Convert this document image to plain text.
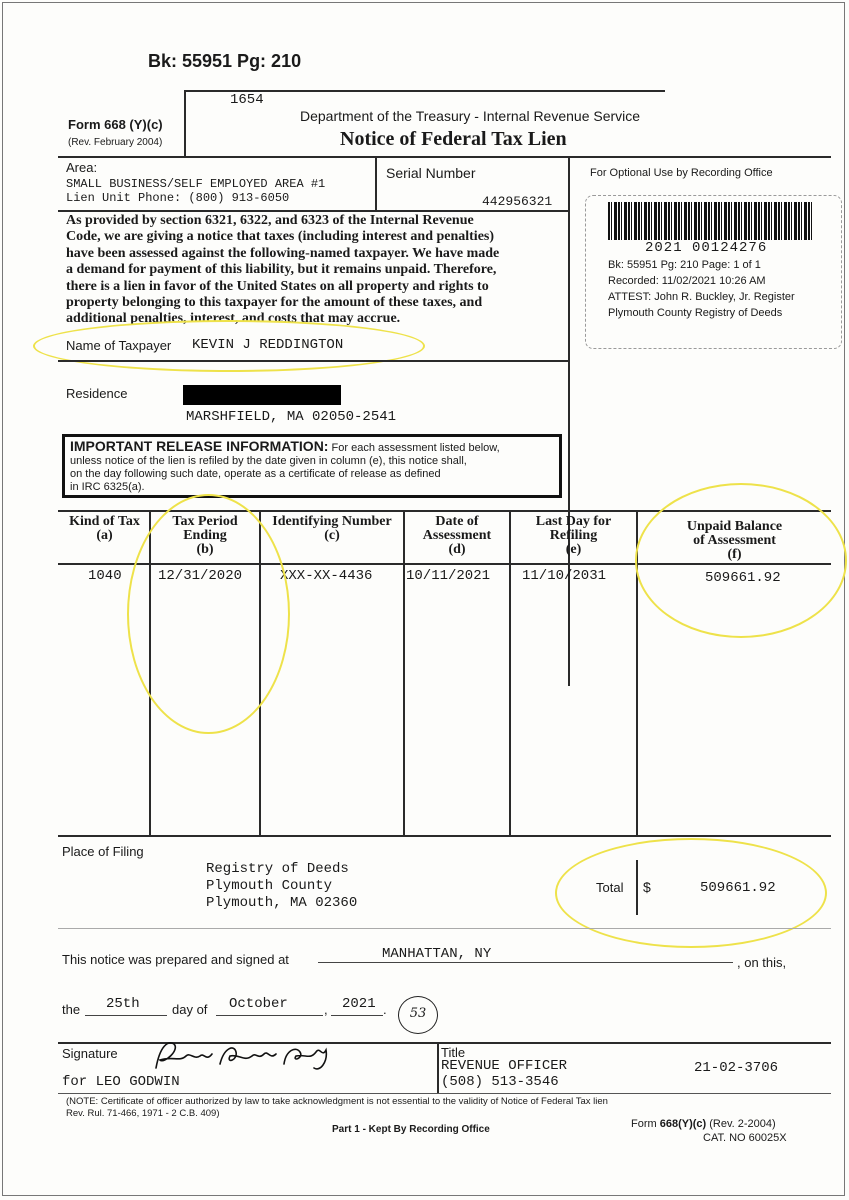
Bk: 55951 Pg: 210
Form 668 (Y)(c)
(Rev. February 2004)
1654
Department of the Treasury - Internal Revenue Service
Notice of Federal Tax Lien
Area:
SMALL BUSINESS/SELF EMPLOYED AREA #1
Lien Unit Phone: (800) 913-6050
Serial Number
442956321
For Optional Use by Recording Office
2021 00124276
Bk: 55951 Pg: 210 Page: 1 of 1
Recorded: 11/02/2021 10:26 AM
ATTEST: John R. Buckley, Jr. Register
Plymouth County Registry of Deeds
As provided by section 6321, 6322, and 6323 of the Internal Revenue
Code, we are giving a notice that taxes (including interest and penalties)
have been assessed against the following-named taxpayer. We have made
a demand for payment of this liability, but it remains unpaid. Therefore,
there is a lien in favor of the United States on all property and rights to
property belonging to this taxpayer for the amount of these taxes, and
additional penalties, interest, and costs that may accrue.
Name of Taxpayer KEVIN J REDDINGTON
Residence
MARSHFIELD, MA 02050-2541
IMPORTANT RELEASE INFORMATION: For each assessment listed below,
unless notice of the lien is refiled by the date given in column (e), this notice shall,
on the day following such date, operate as a certificate of release as defined
in IRC 6325(a).
Kind of Tax
(a)
Tax Period
Ending
(b)
Identifying Number
(c)
Date of
Assessment
(d)
Last Day for
Refiling
(e)
Unpaid Balance
of Assessment
(f)
1040	12/31/2020	XXX-XX-4436 10/11/2021 11/10/2031	509661.92
Place of Filing
Registry of Deeds
Plymouth County
Plymouth, MA 02360
Total $	509661.92
This notice was prepared and signed at	MANHATTAN, NY
, on this,
the 25th day of October	, 2021 .	53
Signature
for LEO GODWIN
Title
REVENUE OFFICER
(508) 513-3546
21-02-3706
(NOTE: Certificate of officer authorized by law to take acknowledgment is not essential to the validity of Notice of Federal Tax lien
Rev. Rul. 71-466, 1971 - 2 C.B. 409)
Part 1 - Kept By Recording Office	Form 668(Y)(c) (Rev. 2-2004)
CAT. NO 60025X
